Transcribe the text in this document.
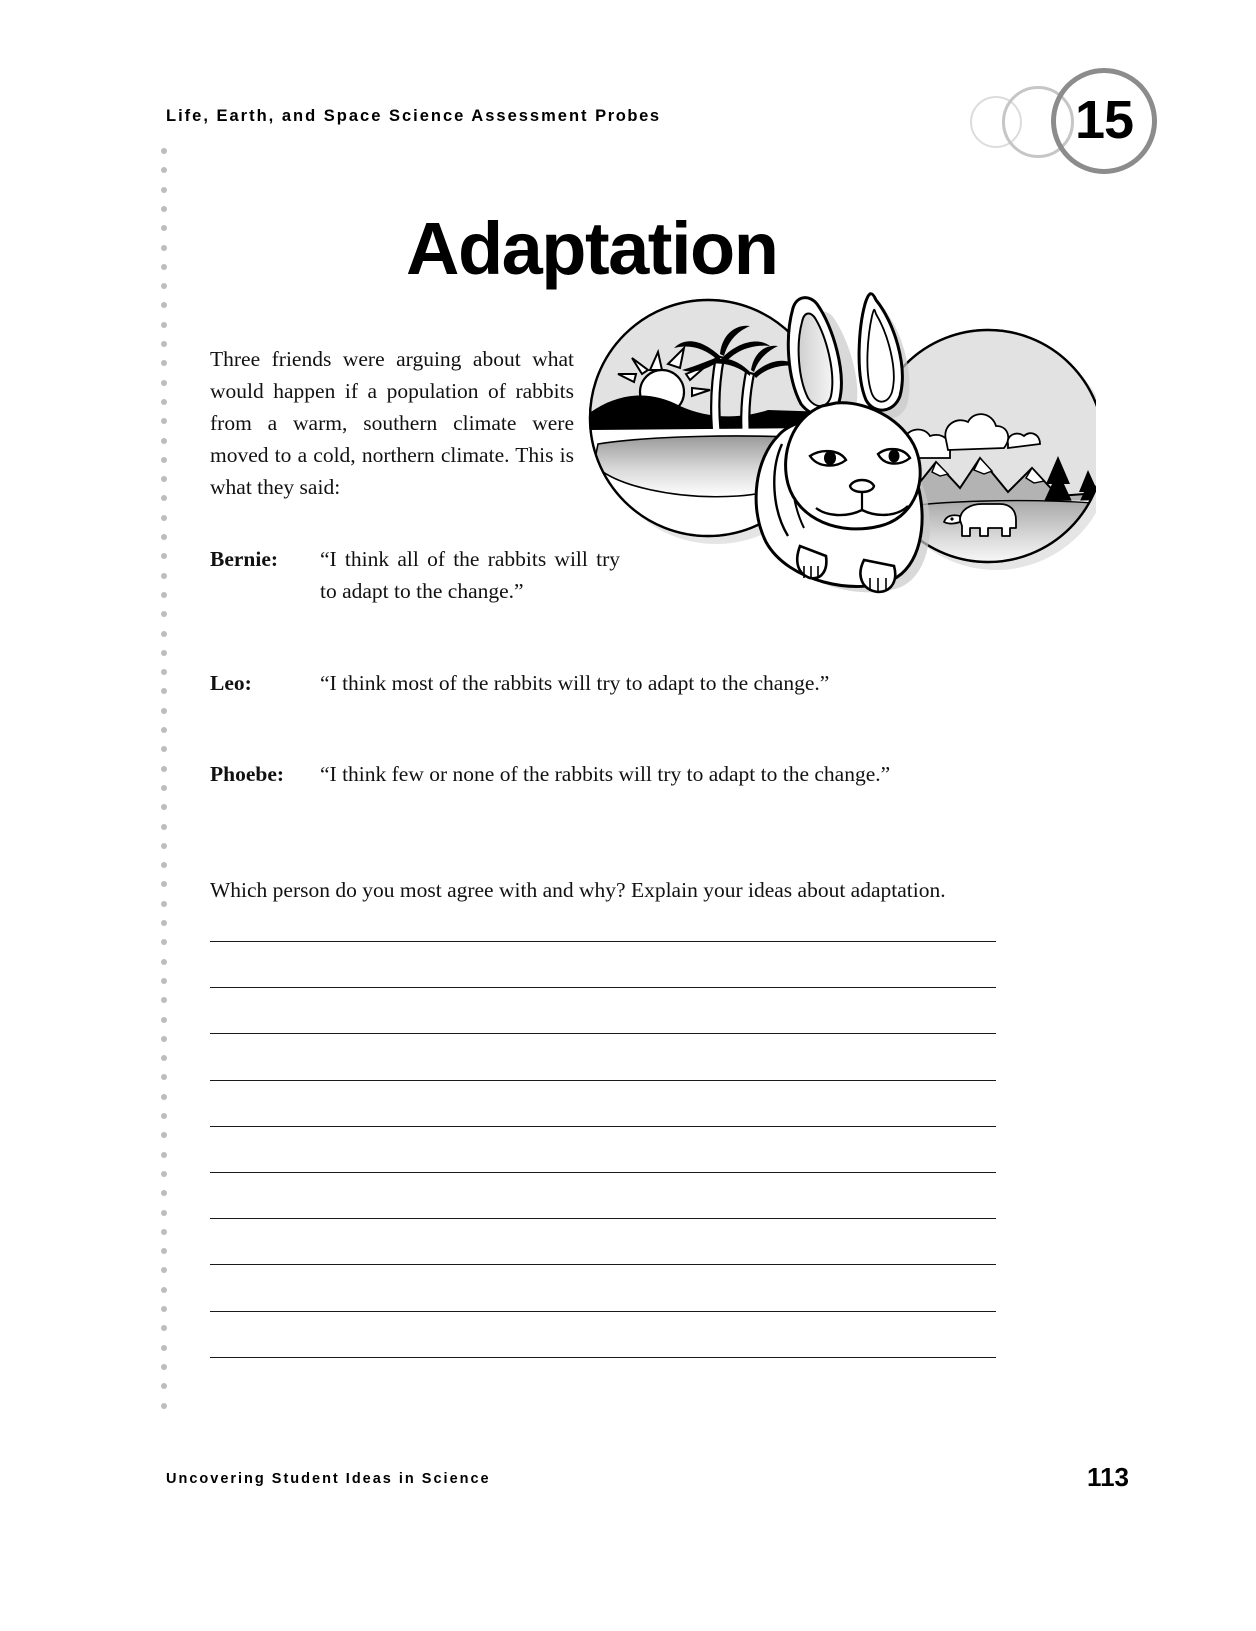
Life, Earth, and Space Science Assessment Probes	15
Adaptation
Three friends were arguing about what would happen if a population of rabbits from a warm, southern climate were moved to a cold, northern climate. This is what they said:
Bernie: “I think all of the rabbits will try to adapt to the change.”
Leo:	“I think most of the rabbits will try to adapt to the change.”
Phoebe: “I think few or none of the rabbits will try to adapt to the change.”
Which person do you most agree with and why? Explain your ideas about adaptation.
Uncovering Student Ideas in Science	113
